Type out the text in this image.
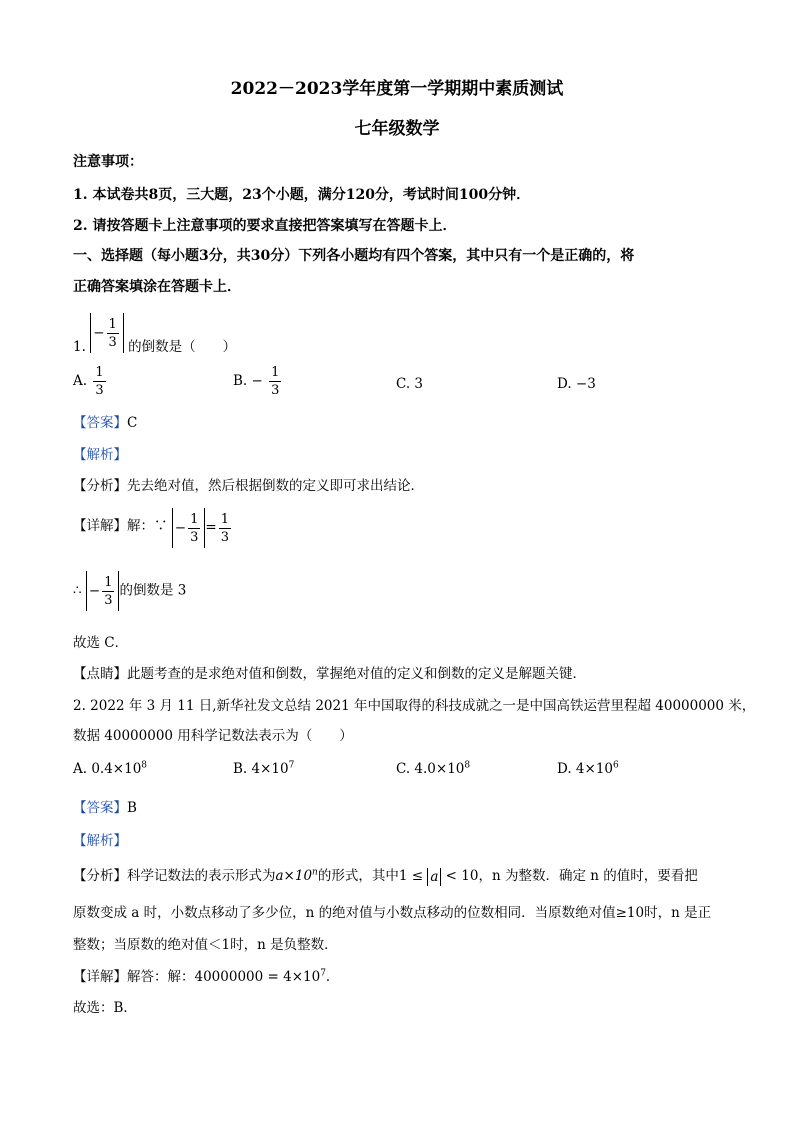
2022－2023学年度第一学期期中素质测试
七年级数学
注意事项：
1. 本试卷共8页，三大题，23个小题，满分120分，考试时间100分钟．
2. 请按答题卡上注意事项的要求直接把答案填写在答题卡上．
一、选择题（每小题3分，共30分）下列各小题均有四个答案，其中只有一个是正确的，将
正确答案填涂在答题卡上．
1.
− $\frac{1}{3}$ 的倒数是（　　）
A. $\frac{1}{3}$	B. − $\frac{1}{3}$	C. 3	D. −3
【答案】C
【解析】
【分析】先去绝对值，然后根据倒数的定义即可求出结论．
【详解】解：∵ − $\frac{1}{3} = \frac{1}{3}$
∴ − $\frac{1}{3}$ 的倒数是 3
故选 C．
【点睛】此题考查的是求绝对值和倒数，掌握绝对值的定义和倒数的定义是解题关键．
2. 2022 年 3 月 11 日,新华社发文总结 2021 年中国取得的科技成就之一是中国高铁运营里程超 40000000 米，
数据 40000000 用科学记数法表示为（　　）
A. $0.4\times 10^8$	B. $4\times 10^7$	C. $4.0\times 10^8$	D. $4\times 10^6$
【答案】B
【解析】
【分析】科学记数法的表示形式为$a\times 10^n$的形式，其中1 ≤ a < 10，n 为整数．确定 n 的值时，要看把
原数变成 a 时，小数点移动了多少位，n 的绝对值与小数点移动的位数相同．当原数绝对值≥10时，n 是正
整数；当原数的绝对值＜1时，n 是负整数．
【详解】解答：解：$40000000 = 4\times 10^7$．
故选：B．
